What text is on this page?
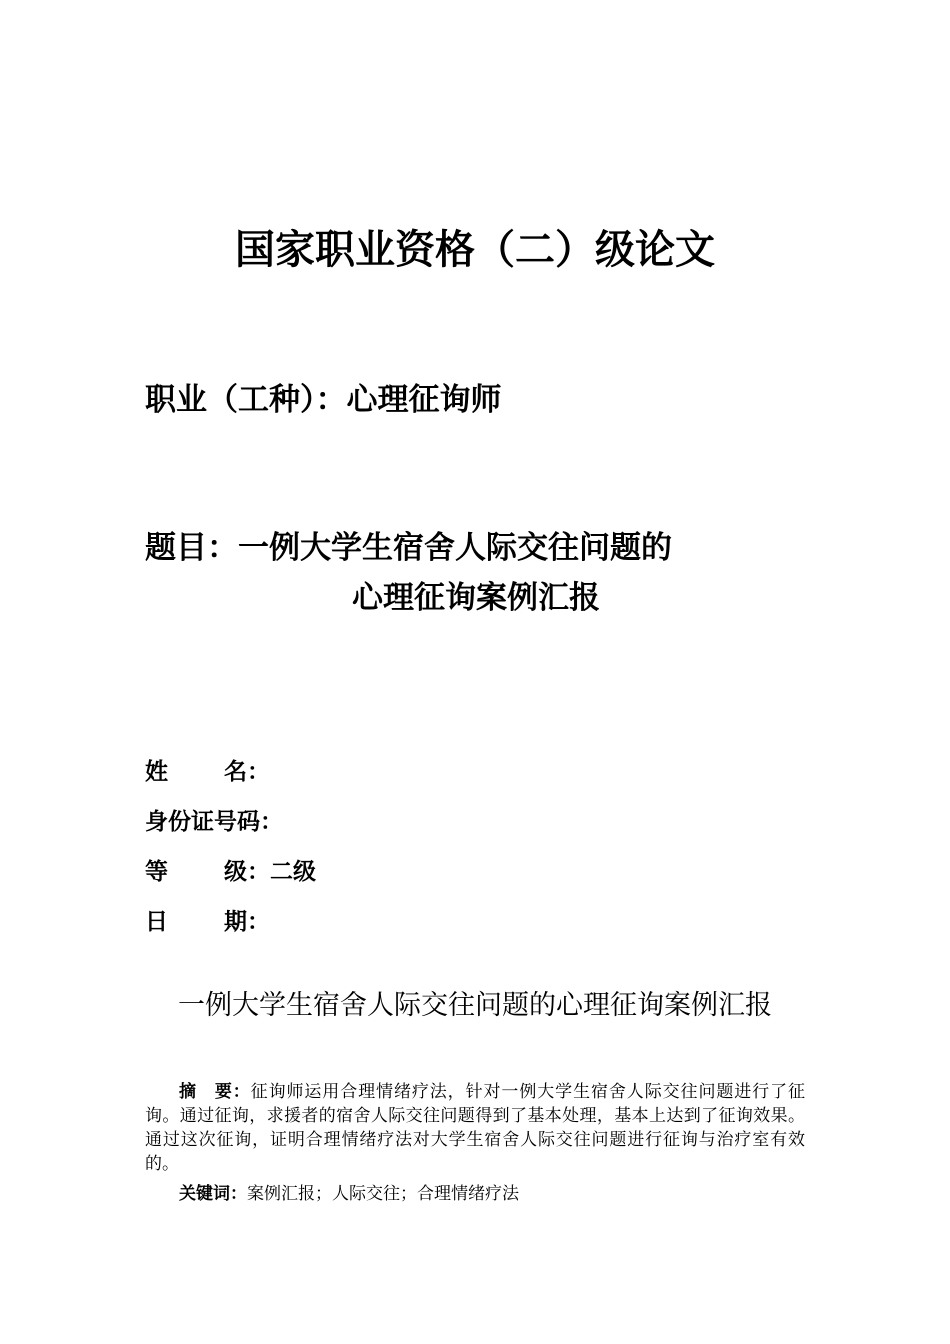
国家职业资格（二）级论文
职业（工种）：心理征询师
题目：一例大学生宿舍人际交往问题的
心理征询案例汇报
姓 名：
身份证号码：
等 级： 二级
日 期：
一例大学生宿舍人际交往问题的心理征询案例汇报
摘　要：征询师运用合理情绪疗法，针对一例大学生宿舍人际交往问题进行了征询。通过征询，求援者的宿舍人际交往问题得到了基本处理，基本上达到了征询效果。通过这次征询，证明合理情绪疗法对大学生宿舍人际交往问题进行征询与治疗室有效的。
关键词：案例汇报；人际交往；合理情绪疗法
